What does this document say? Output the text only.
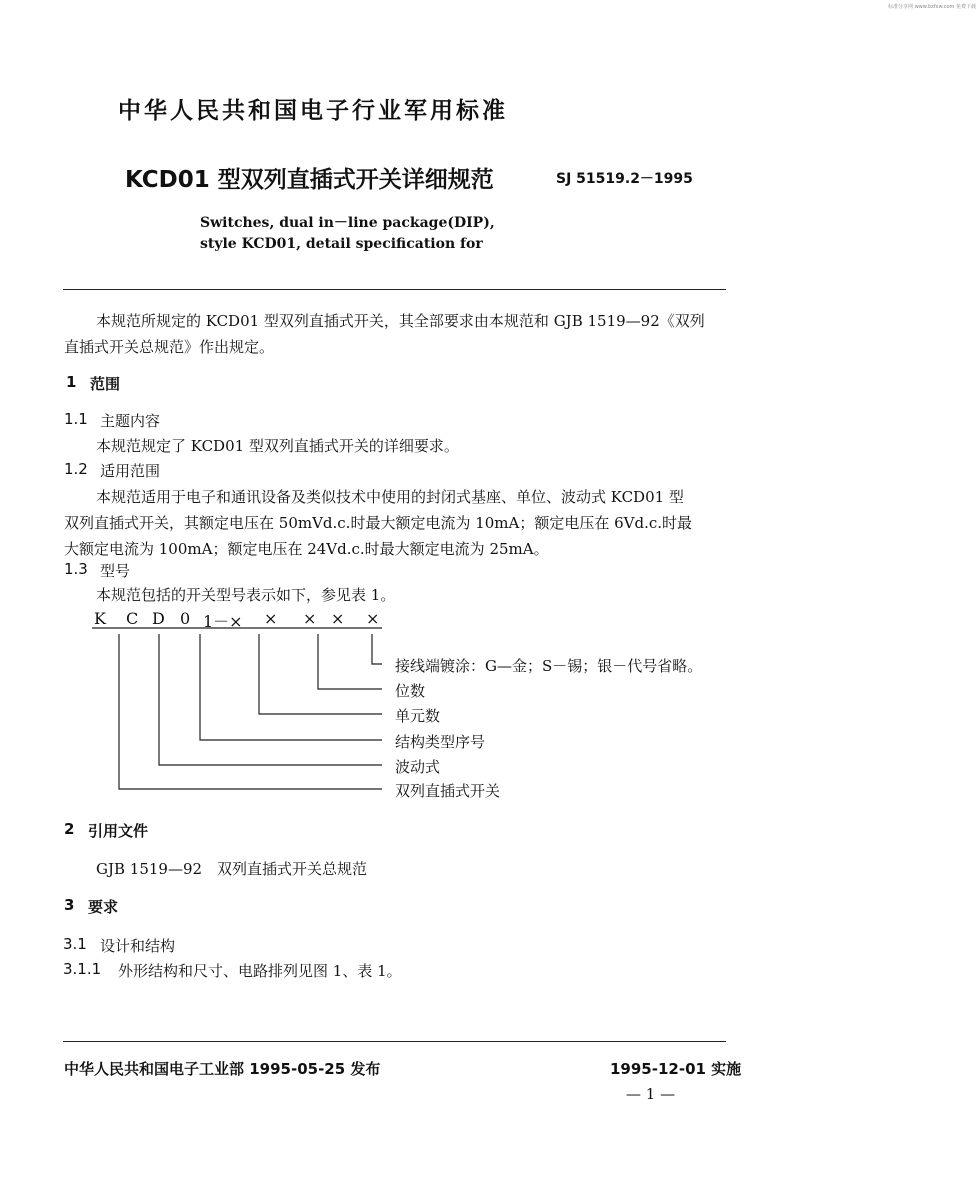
标准分享网 www.bzfxw.com 免费下载
中华人民共和国电子行业军用标准
KCD01 型双列直插式开关详细规范	SJ 51519.2－1995
Switches, dual in－line package(DIP),
style KCD01, detail specification for
本规范所规定的 KCD01 型双列直插式开关，其全部要求由本规范和 GJB 1519—92《双列
直插式开关总规范》作出规定。
1 范围
1.1 主题内容
本规范规定了 KCD01 型双列直插式开关的详细要求。
1.2 适用范围
本规范适用于电子和通讯设备及类似技术中使用的封闭式基座、单位、波动式 KCD01 型
双列直插式开关，其额定电压在 50mVd.c.时最大额定电流为 10mA；额定电压在 6Vd.c.时最
大额定电流为 100mA；额定电压在 24Vd.c.时最大额定电流为 25mA。
1.3 型号
本规范包括的开关型号表示如下，参见表 1。
K C D 0 1－× × × × ×
接线端镀涂：G—金；S－锡；银－代号省略。
位数
单元数
结构类型序号
波动式
双列直插式开关
2 引用文件
GJB 1519—92　双列直插式开关总规范
3 要求
3.1 设计和结构
3.1.1 外形结构和尺寸、电路排列见图 1、表 1。
中华人民共和国电子工业部 1995-05-25 发布	1995-12-01 实施
— 1 —
